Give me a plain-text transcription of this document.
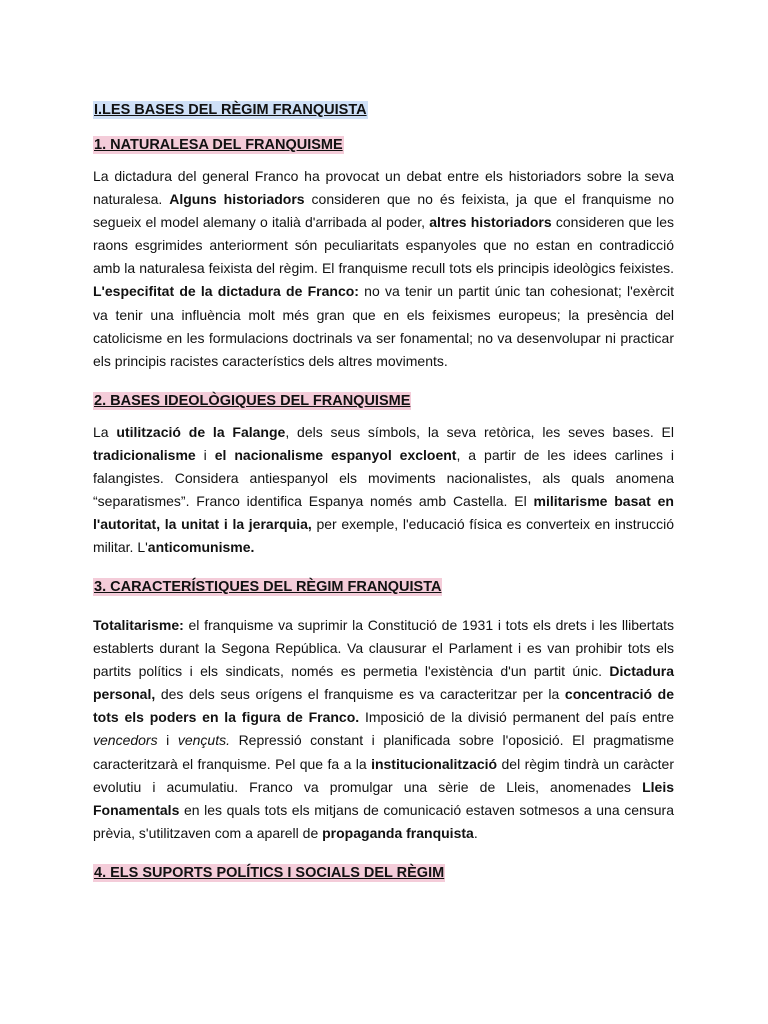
I.LES BASES DEL RÈGIM FRANQUISTA
1. NATURALESA DEL FRANQUISME
La dictadura del general Franco ha provocat un debat entre els historiadors sobre la seva naturalesa. Alguns historiadors consideren que no és feixista, ja que el franquisme no segueix el model alemany o italià d'arribada al poder, altres historiadors consideren que les raons esgrimides anteriorment són peculiaritats espanyoles que no estan en contradicció amb la naturalesa feixista del règim. El franquisme recull tots els principis ideològics feixistes. L'especifitat de la dictadura de Franco: no va tenir un partit únic tan cohesionat; l'exèrcit va tenir una influència molt més gran que en els feixismes europeus; la presència del catolicisme en les formulacions doctrinals va ser fonamental; no va desenvolupar ni practicar els principis racistes característics dels altres moviments.
2. BASES IDEOLÒGIQUES DEL FRANQUISME
La utilització de la Falange, dels seus símbols, la seva retòrica, les seves bases. El tradicionalisme i el nacionalisme espanyol excloent, a partir de les idees carlines i falangistes. Considera antiespanyol els moviments nacionalistes, als quals anomena “separatismes”. Franco identifica Espanya només amb Castella. El militarisme basat en l'autoritat, la unitat i la jerarquia, per exemple, l'educació física es converteix en instrucció militar. L'anticomunisme.
3. CARACTERÍSTIQUES DEL RÈGIM FRANQUISTA
Totalitarisme: el franquisme va suprimir la Constitució de 1931 i tots els drets i les llibertats establerts durant la Segona República. Va clausurar el Parlament i es van prohibir tots els partits polítics i els sindicats, només es permetia l'existència d'un partit únic. Dictadura personal, des dels seus orígens el franquisme es va caracteritzar per la concentració de tots els poders en la figura de Franco. Imposició de la divisió permanent del país entre vencedors i vençuts. Repressió constant i planificada sobre l'oposició. El pragmatisme caracteritzarà el franquisme. Pel que fa a la institucionalització del règim tindrà un caràcter evolutiu i acumulatiu. Franco va promulgar una sèrie de Lleis, anomenades Lleis Fonamentals en les quals tots els mitjans de comunicació estaven sotmesos a una censura prèvia, s'utilitzaven com a aparell de propaganda franquista.
4. ELS SUPORTS POLÍTICS I SOCIALS DEL RÈGIM
